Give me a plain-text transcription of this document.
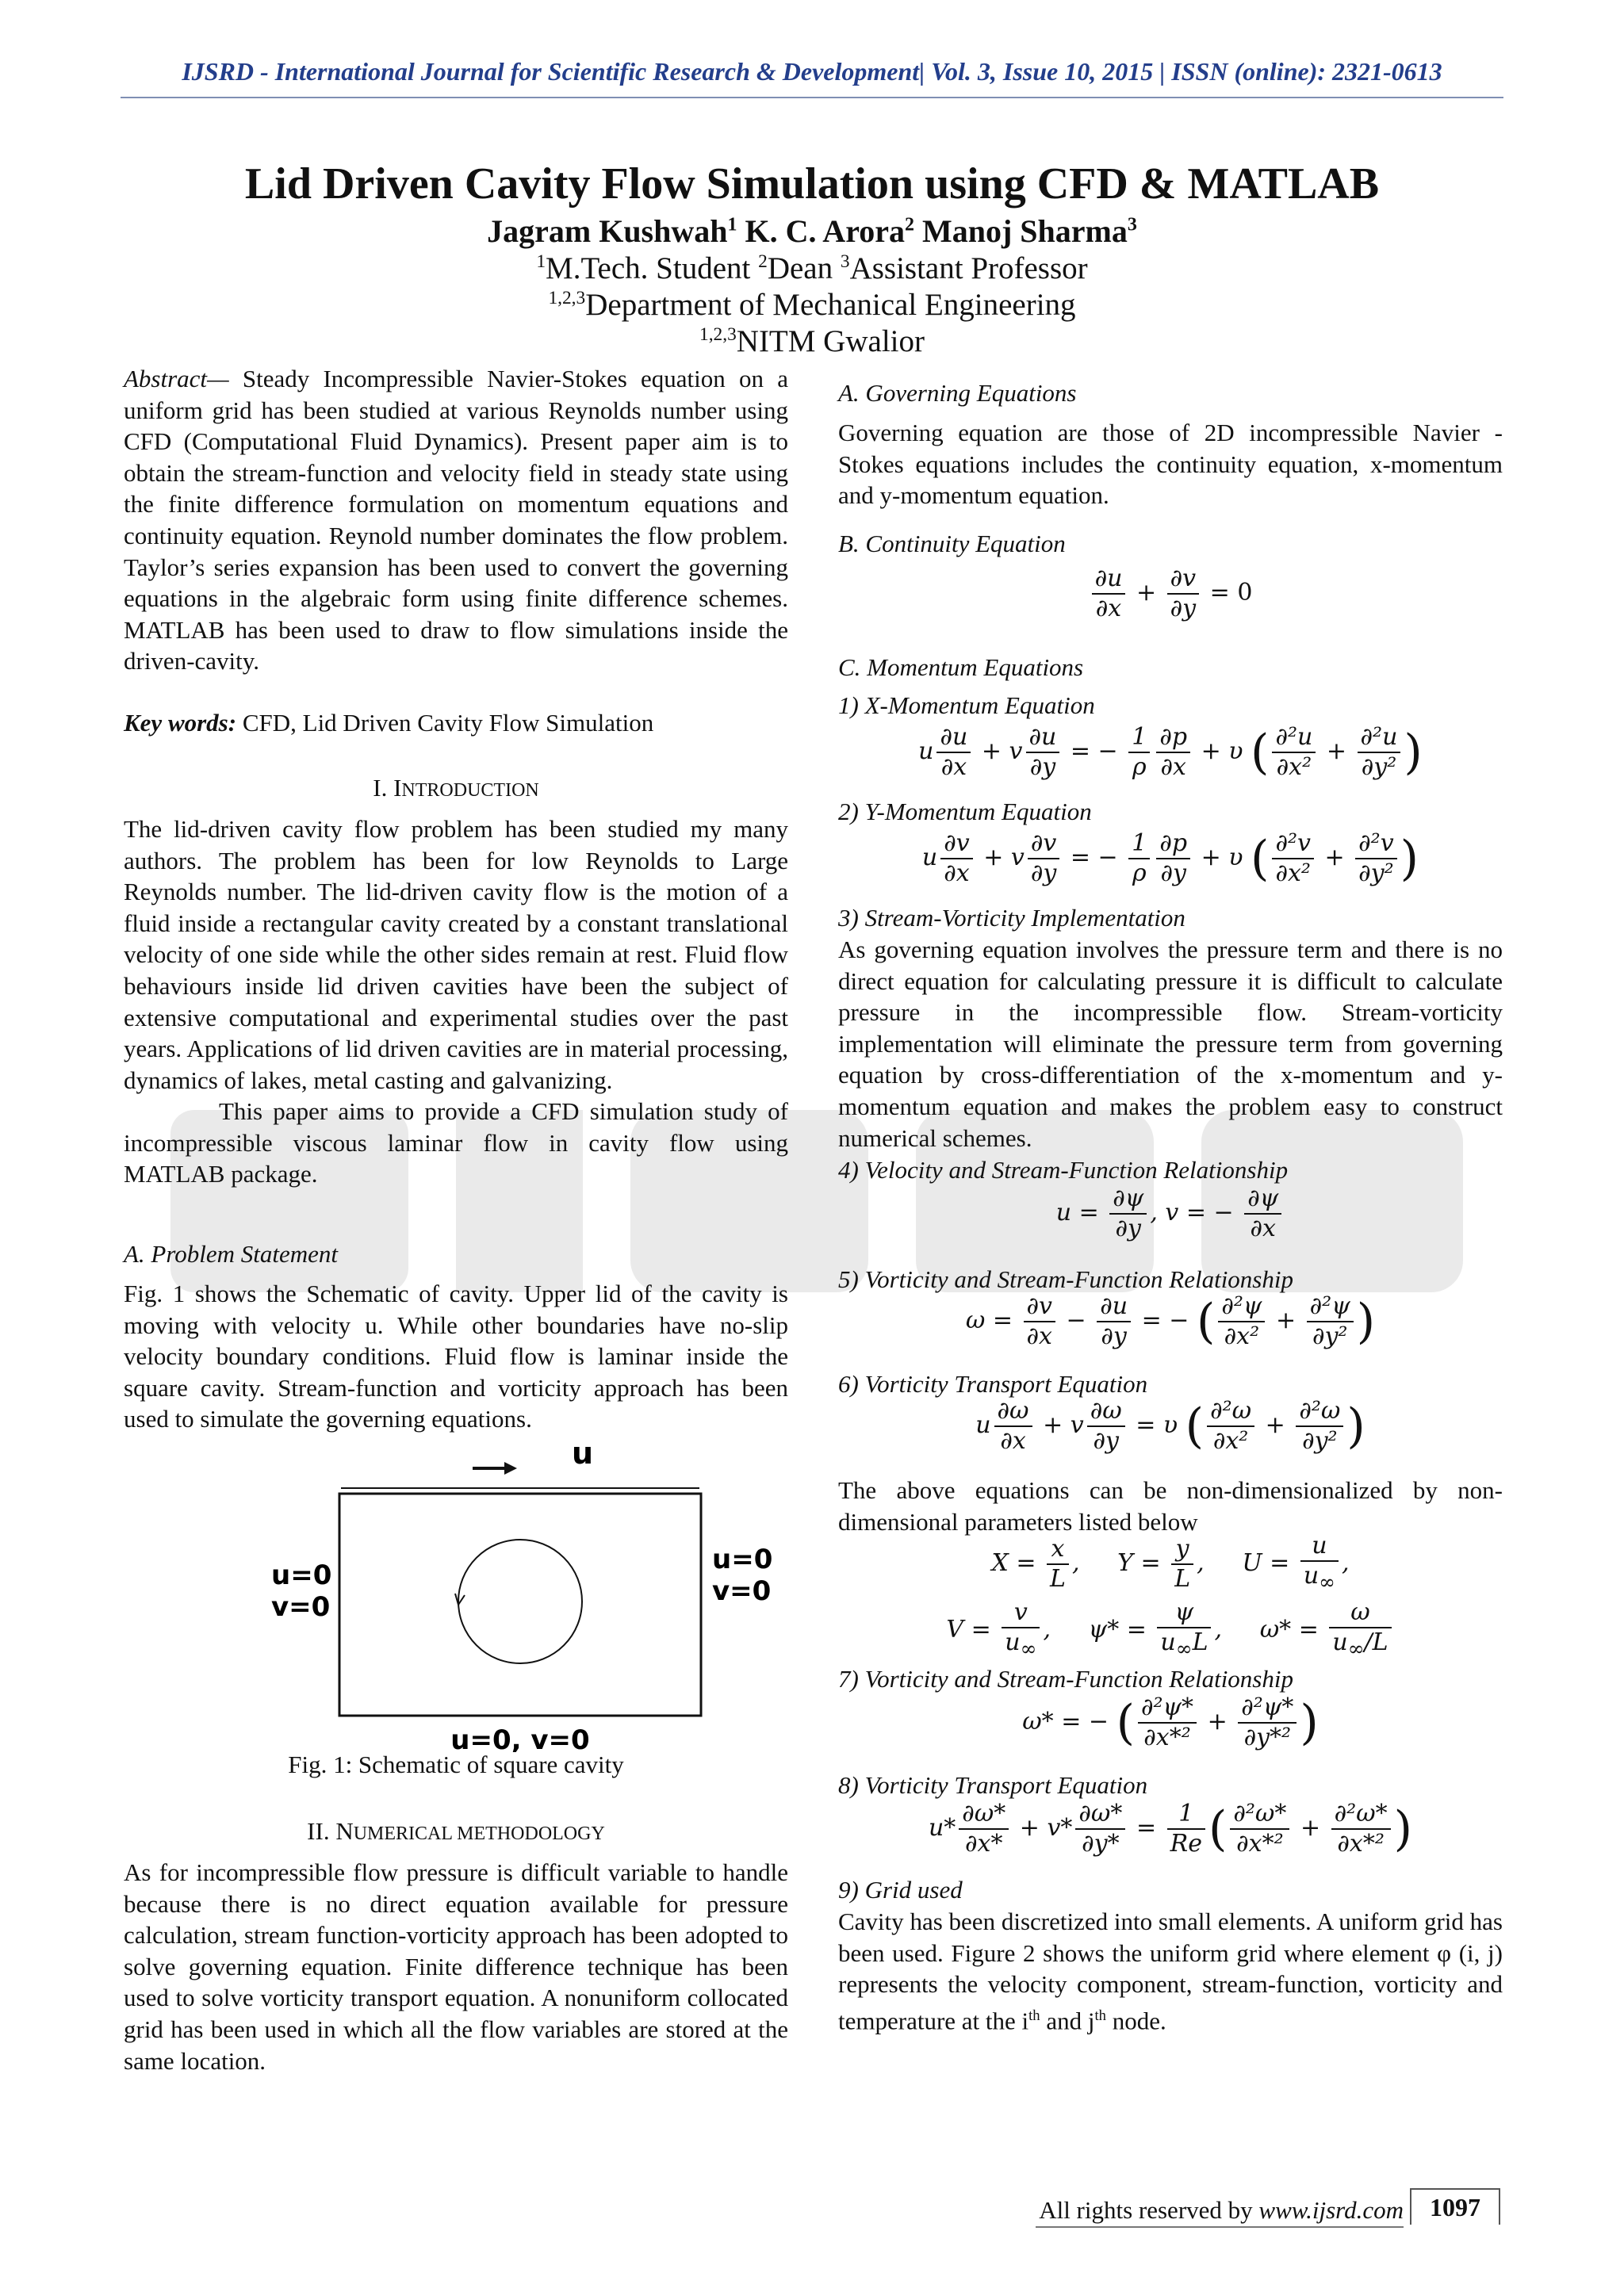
IJSRD - International Journal for Scientific Research & Development| Vol. 3, Issue 10, 2015 | ISSN (online): 2321-0613
Lid Driven Cavity Flow Simulation using CFD & MATLAB
Jagram Kushwah$^1$ K. C. Arora$^2$ Manoj Sharma$^3$
$^1$M.Tech. Student $^2$Dean $^3$Assistant Professor
$^{1,2,3}$Department of Mechanical Engineering
$^{1,2,3}$NITM Gwalior
Abstract— Steady Incompressible Navier-Stokes equation on a uniform grid has been studied at various Reynolds number using CFD (Computational Fluid Dynamics). Present paper aim is to obtain the stream-function and velocity field in steady state using the finite difference formulation on momentum equations and continuity equation. Reynold number dominates the flow problem. Taylor’s series expansion has been used to convert the governing equations in the algebraic form using finite difference schemes. MATLAB has been used to draw to flow simulations inside the driven-cavity.
Key words: CFD, Lid Driven Cavity Flow Simulation
I. INTRODUCTION
The lid-driven cavity flow problem has been studied my many authors. The problem has been for low Reynolds to Large Reynolds number. The lid-driven cavity flow is the motion of a fluid inside a rectangular cavity created by a constant translational velocity of one side while the other sides remain at rest. Fluid flow behaviours inside lid driven cavities have been the subject of extensive computational and experimental studies over the past years. Applications of lid driven cavities are in material processing, dynamics of lakes, metal casting and galvanizing.
This paper aims to provide a CFD simulation study of incompressible viscous laminar flow in cavity flow using MATLAB package.
A. Problem Statement
Fig. 1 shows the Schematic of cavity. Upper lid of the cavity is moving with velocity u. While other boundaries have no-slip velocity boundary conditions. Fluid flow is laminar inside the square cavity. Stream-function and vorticity approach has been used to simulate the governing equations.
u
u=0
v=0
u=0
v=0
u=0, v=0
Fig. 1: Schematic of square cavity
II. NUMERICAL METHODOLOGY
As for incompressible flow pressure is difficult variable to handle because there is no direct equation available for pressure calculation, stream function-vorticity approach has been adopted to solve governing equation. Finite difference technique has been used to solve vorticity transport equation. A nonuniform collocated grid has been used in which all the flow variables are stored at the same location.
A. Governing Equations
Governing equation are those of 2D incompressible Navier - Stokes equations includes the continuity equation, x-momentum and y-momentum equation.
B. Continuity Equation
$\frac{\partial u}{\partial x} + \frac{\partial v}{\partial y} = 0$
C. Momentum Equations
1) X-Momentum Equation
u $\frac{\partial u}{\partial x} + v \frac{\partial u}{\partial y}$ = − $\frac{1}{\rho} \frac{\partial p}{\partial x} + \upsilon$ ( $\frac{\text{∂²u}}{\text{∂x²}} + \frac{\text{∂²u}}{\text{∂y²}}$ )
2) Y-Momentum Equation
u $\frac{\partial v}{\partial x} + v \frac{\partial v}{\partial y}$ = − $\frac{1}{\rho} \frac{\partial p}{\partial y} + \upsilon$ ( $\frac{\text{∂²v}}{\text{∂x²}} + \frac{\text{∂²v}}{\text{∂y²}}$ )
3) Stream-Vorticity Implementation
As governing equation involves the pressure term and there is no direct equation for calculating pressure it is difficult to calculate pressure in the incompressible flow. Stream-vorticity implementation will eliminate the pressure term from governing equation by cross-differentiation of the x-momentum and y-momentum equation and makes the problem easy to construct numerical schemes.
4) Velocity and Stream-Function Relationship
$u = \frac{\partial\psi}{\partial y}$ , v = − $\frac{\partial\psi}{\partial x}$
5) Vorticity and Stream-Function Relationship
$\omega = \frac{\partial v}{\partial x} - \frac{\partial u}{\partial y}$ = − ( $\frac{\text{∂²ψ}}{\text{∂x²}} + \frac{\text{∂²ψ}}{\text{∂y²}}$ )
6) Vorticity Transport Equation
u $\frac{\partial\omega}{\partial x} + v \frac{\partial\omega}{\partial y} = \upsilon$ ( $\frac{\text{∂²ω}}{\text{∂x²}} + \frac{\text{∂²ω}}{\text{∂y²}}$ )
The above equations can be non-dimensionalized by non-dimensional parameters listed below
$X = \frac{x}{L}$ ,     $Y = \frac{y}{L}$ ,     $U = \frac{u}{u_\infty}$ ,
$V = \frac{v}{u_\infty}$ ,     $\psi* = \frac{\psi}{u_\infty L}$ ,     $\omega* = \frac{\omega}{u_\infty/L}$
7) Vorticity and Stream-Function Relationship
ω* = − ( $\frac{\text{∂²ψ*}}{\text{∂x*²}} + \frac{\text{∂²ψ*}}{\text{∂y*²}}$ )
8) Vorticity Transport Equation
$u* \frac{\partial\omega*}{\partial x*} + v* \frac{\partial\omega*}{\partial y*} = \frac{1}{Re}$ ( $\frac{\text{∂²ω*}}{\text{∂x*²}} + \frac{\text{∂²ω*}}{\text{∂x*²}}$ )
9) Grid used
Cavity has been discretized into small elements. A uniform grid has been used. Figure 2 shows the uniform grid where element φ (i, j) represents the velocity component, stream-function, vorticity and temperature at the $i^{th}$ and $j^{th}$ node.
All rights reserved by www.ijsrd.com	1097
